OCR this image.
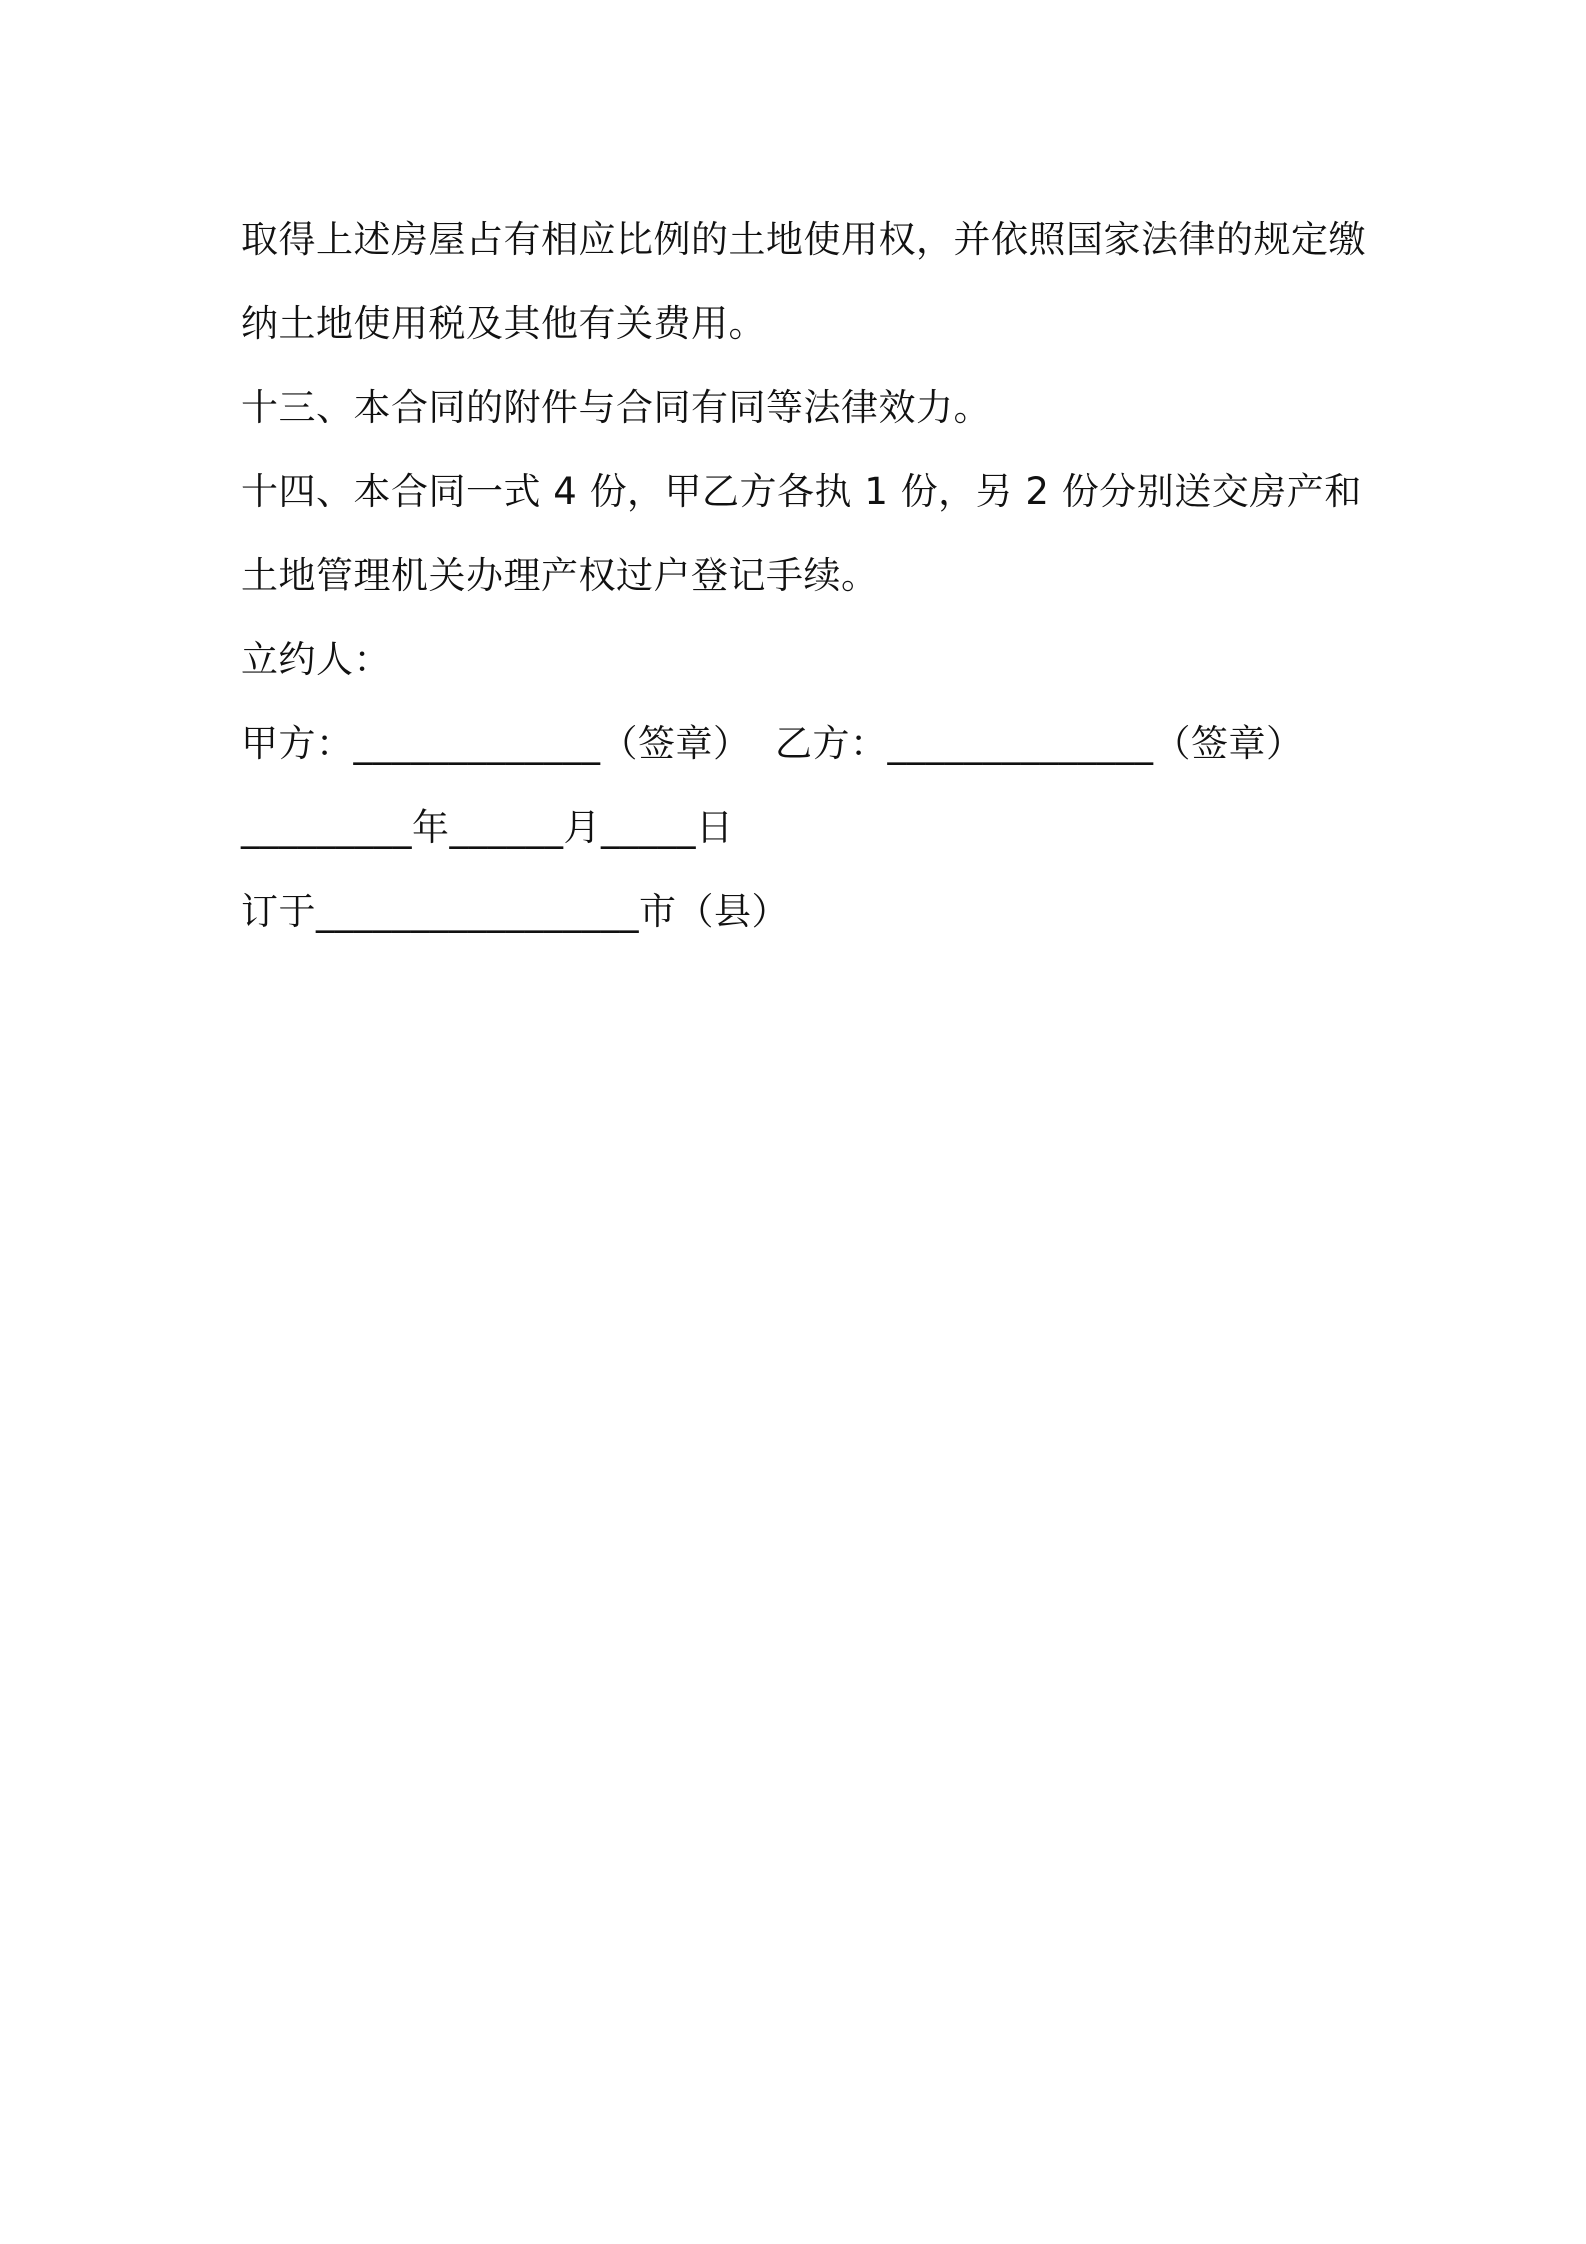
取得上述房屋占有相应比例的土地使用权，并依照国家法律的规定缴
纳土地使用税及其他有关费用。
十三、本合同的附件与合同有同等法律效力。
十四、本合同一式 4 份，甲乙方各执 1 份，另 2 份分别送交房产和
土地管理机关办理产权过户登记手续。
立约人：
甲方：_____________（签章）  乙方：______________（签章）
_________年______月_____日
订于_________________市（县）
